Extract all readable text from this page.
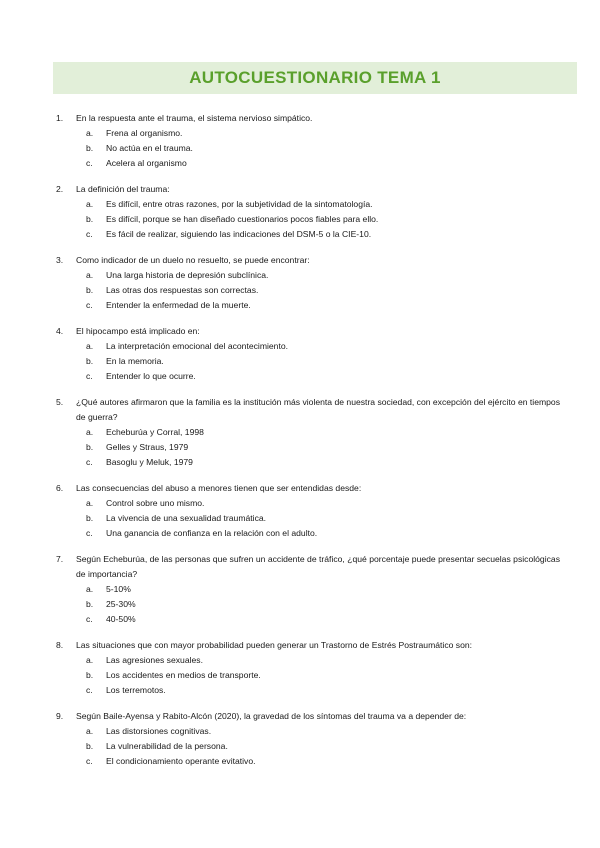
AUTOCUESTIONARIO TEMA 1
1.	En la respuesta ante el trauma, el sistema nervioso simpático.
a.	Frena al organismo.
b.	No actúa en el trauma.
c.	Acelera al organismo
2.	La definición del trauma:
a.	Es difícil, entre otras razones, por la subjetividad de la sintomatología.
b.	Es difícil, porque se han diseñado cuestionarios pocos fiables para ello.
c.	Es fácil de realizar, siguiendo las indicaciones del DSM-5 o la CIE-10.
3.	Como indicador de un duelo no resuelto, se puede encontrar:
a.	Una larga historia de depresión subclínica.
b.	Las otras dos respuestas son correctas.
c.	Entender la enfermedad de la muerte.
4.	El hipocampo está implicado en:
a.	La interpretación emocional del acontecimiento.
b.	En la memoria.
c.	Entender lo que ocurre.
5.	¿Qué autores afirmaron que la familia es la institución más violenta de nuestra sociedad, con excepción del ejército en tiempos de guerra?
a.	Echeburúa y Corral, 1998
b.	Gelles y Straus, 1979
c.	Basoglu y Meluk, 1979
6.	Las consecuencias del abuso a menores tienen que ser entendidas desde:
a.	Control sobre uno mismo.
b.	La vivencia de una sexualidad traumática.
c.	Una ganancia de confianza en la relación con el adulto.
7.	Según Echeburúa, de las personas que sufren un accidente de tráfico, ¿qué porcentaje puede presentar secuelas psicológicas de importancia?
a.	5-10%
b.	25-30%
c.	40-50%
8.	Las situaciones que con mayor probabilidad pueden generar un Trastorno de Estrés Postraumático son:
a.	Las agresiones sexuales.
b.	Los accidentes en medios de transporte.
c.	Los terremotos.
9.	Según Baile-Ayensa y Rabito-Alcón (2020), la gravedad de los síntomas del trauma va a depender de:
a.	Las distorsiones cognitivas.
b.	La vulnerabilidad de la persona.
c.	El condicionamiento operante evitativo.
